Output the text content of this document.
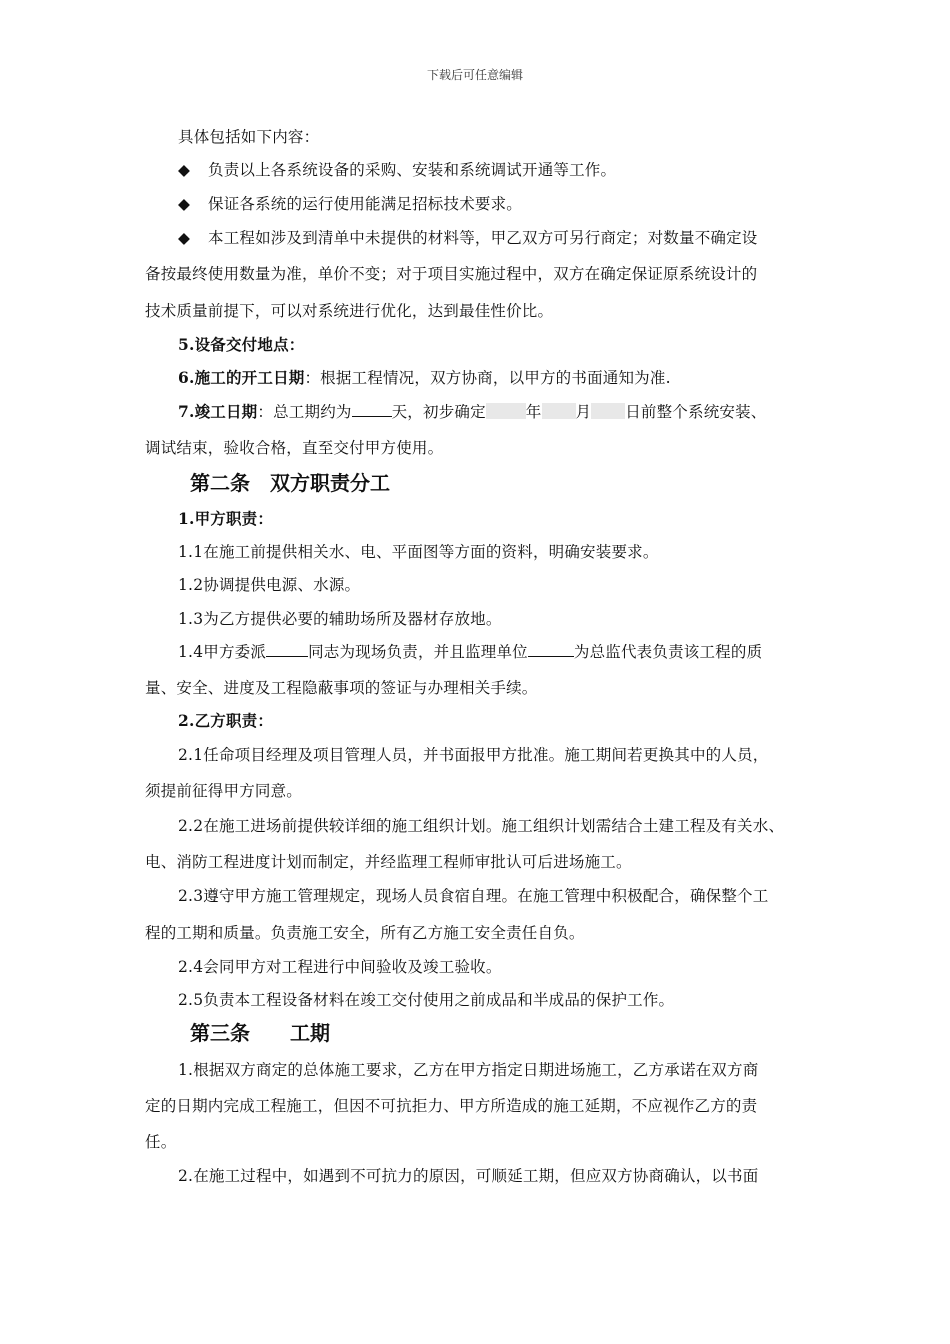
下载后可任意编辑
具体包括如下内容：
◆ 负责以上各系统设备的采购、安装和系统调试开通等工作。
◆ 保证各系统的运行使用能满足招标技术要求。
◆ 本工程如涉及到清单中未提供的材料等，甲乙双方可另行商定；对数量不确定设
备按最终使用数量为准，单价不变；对于项目实施过程中，双方在确定保证原系统设计的
技术质量前提下，可以对系统进行优化，达到最佳性价比。
5.设备交付地点：
6.施工的开工日期：根据工程情况，双方协商，以甲方的书面通知为准.
7.竣工日期：总工期约为	天，初步确定	年 月 日前整个系统安装、
调试结束，验收合格，直至交付甲方使用。
第二条　双方职责分工
1.甲方职责：
1.1在施工前提供相关水、电、平面图等方面的资料，明确安装要求。
1.2协调提供电源、水源。
1.3为乙方提供必要的辅助场所及器材存放地。
1.4甲方委派	同志为现场负责，并且监理单位	为总监代表负责该工程的质
量、安全、进度及工程隐蔽事项的签证与办理相关手续。
2.乙方职责：
2.1任命项目经理及项目管理人员，并书面报甲方批准。施工期间若更换其中的人员，
须提前征得甲方同意。
2.2在施工进场前提供较详细的施工组织计划。施工组织计划需结合土建工程及有关水、
电、消防工程进度计划而制定，并经监理工程师审批认可后进场施工。
2.3遵守甲方施工管理规定，现场人员食宿自理。在施工管理中积极配合，确保整个工
程的工期和质量。负责施工安全，所有乙方施工安全责任自负。
2.4会同甲方对工程进行中间验收及竣工验收。
2.5负责本工程设备材料在竣工交付使用之前成品和半成品的保护工作。
第三条　　工期
1.根据双方商定的总体施工要求，乙方在甲方指定日期进场施工，乙方承诺在双方商
定的日期内完成工程施工，但因不可抗拒力、甲方所造成的施工延期，不应视作乙方的责
任。
2.在施工过程中，如遇到不可抗力的原因，可顺延工期，但应双方协商确认，以书面
